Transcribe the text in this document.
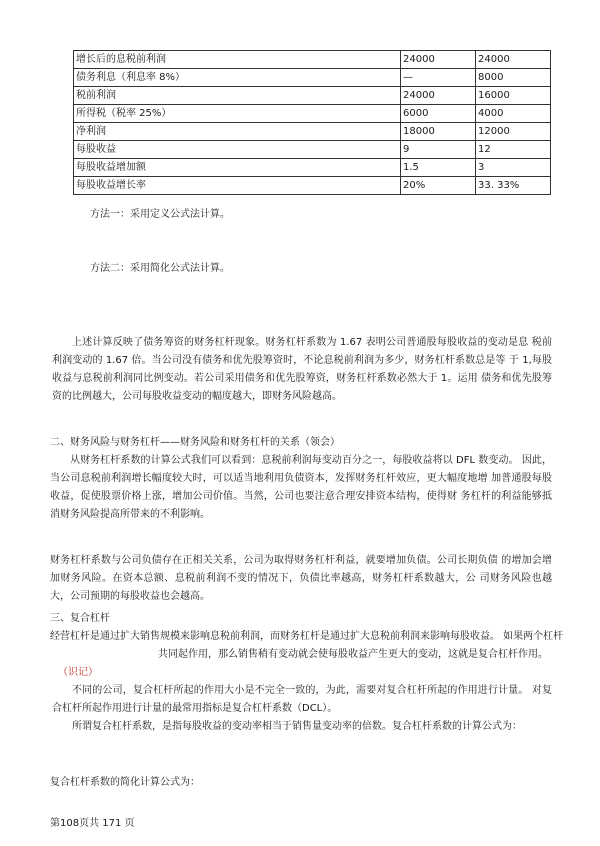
增长后的息税前利润	24000	24000
债务利息（利息率 8%）	—	8000
税前利润	24000	16000
所得税（税率 25%）	6000	4000
净利润	18000	12000
每股收益	9	12
每股收益增加额	1.5	3
每股收益增长率	20%	33. 33%
方法一：采用定义公式法计算。
方法二：采用简化公式法计算。
上述计算反映了债务筹资的财务杠杆现象。财务杠杆系数为 1.67 表明公司普通股每股收益的变动是息 税前利润变动的 1.67 倍。当公司没有债务和优先股筹资时，不论息税前利润为多少，财务杠杆系数总是等 于 1,每股收益与息税前利润同比例变动。若公司采用债务和优先股筹资，财务杠杆系数必然大于 1。运用 债务和优先股筹资的比例越大，公司每股收益变动的幅度越大，即财务风险越高。
二、财务风险与财务杠杆——财务风险和财务杠杆的关系（领会）
从财务杠杆系数的计算公式我们可以看到：息税前利润每变动百分之一，每股收益将以 DFL 数变动。 因此，当公司息税前利润增长幅度较大时，可以适当地利用负债资本，发挥财务杠杆效应，更大幅度地增 加普通股每股收益，促使股票价格上涨，增加公司价值。当然，公司也要注意合理安排资本结构，使得财 务杠杆的利益能够抵消财务风险提高所带来的不利影响。
财务杠杆系数与公司负债存在正相关关系，公司为取得财务杠杆利益，就要增加负债。公司长期负债 的增加会增加财务风险。在资本总额、息税前利润不变的情况下，负债比率越高，财务杠杆系数越大，公 司财务风险也越大，公司预期的每股收益也会越高。
三、复合杠杆
经营杠杆是通过扩大销售规模来影响息税前利润，而财务杠杆是通过扩大息税前利润来影响每股收益。 如果两个杠杆
共同起作用，那么销售稍有变动就会使每股收益产生更大的变动，这就是复合杠杆作用。
（识记）
不同的公司，复合杠杆所起的作用大小是不完全一致的，为此，需要对复合杠杆所起的作用进行计量。 对复合杠杆所起作用进行计量的最常用指标是复合杠杆系数（DCL）。
所谓复合杠杆系数，是指每股收益的变动率相当于销售量变动率的倍数。复合杠杆系数的计算公式为：
复合杠杆系数的简化计算公式为：
第108页共 171 页
